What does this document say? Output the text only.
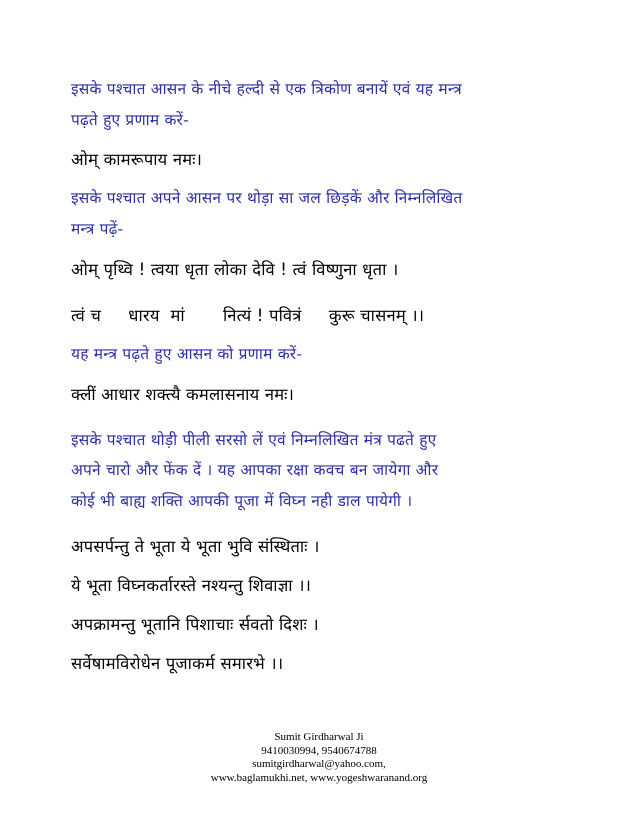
इसके पश्चात आसन के नीचे हल्दी से एक त्रिकोण बनायें एवं यह मन्त्र
पढ़ते हुए प्रणाम करें-
ओम् कामरूपाय नमः।
इसके पश्चात अपने आसन पर थोड़ा सा जल छिड़कें और निम्नलिखित
मन्त्र पढ़ें-
ओम् पृथ्वि ! त्वया धृता लोका देवि ! त्वं विष्णुना धृता ।
त्वं च     धारय  मां       नित्यं ! पवित्रं     कुरू चासनम् ।।
यह मन्त्र पढ़ते हुए आसन को प्रणाम करें-
क्लीं आधार शक्त्यै कमलासनाय नमः।
इसके पश्चात थोड़ी पीली सरसो लें एवं निम्नलिखित मंत्र पढते हुए
अपने चारो और फेंक दें । यह आपका रक्षा कवच बन जायेगा और
कोई भी बाह्य शक्ति आपकी पूजा में विघ्न नही डाल पायेगी ।
अपसर्पन्तु ते भूता ये भूता भुवि संस्थिताः ।
ये भूता विघ्नकर्तारस्ते नश्यन्तु शिवाज्ञा ।।
अपक्रामन्तु भूतानि पिशाचाः र्सवतो दिशः ।
सर्वेषामविरोधेन पूजाकर्म समारभे ।।
Sumit Girdharwal Ji
9410030994, 9540674788
sumitgirdharwal@yahoo.com,
www.baglamukhi.net, www.yogeshwaranand.org
